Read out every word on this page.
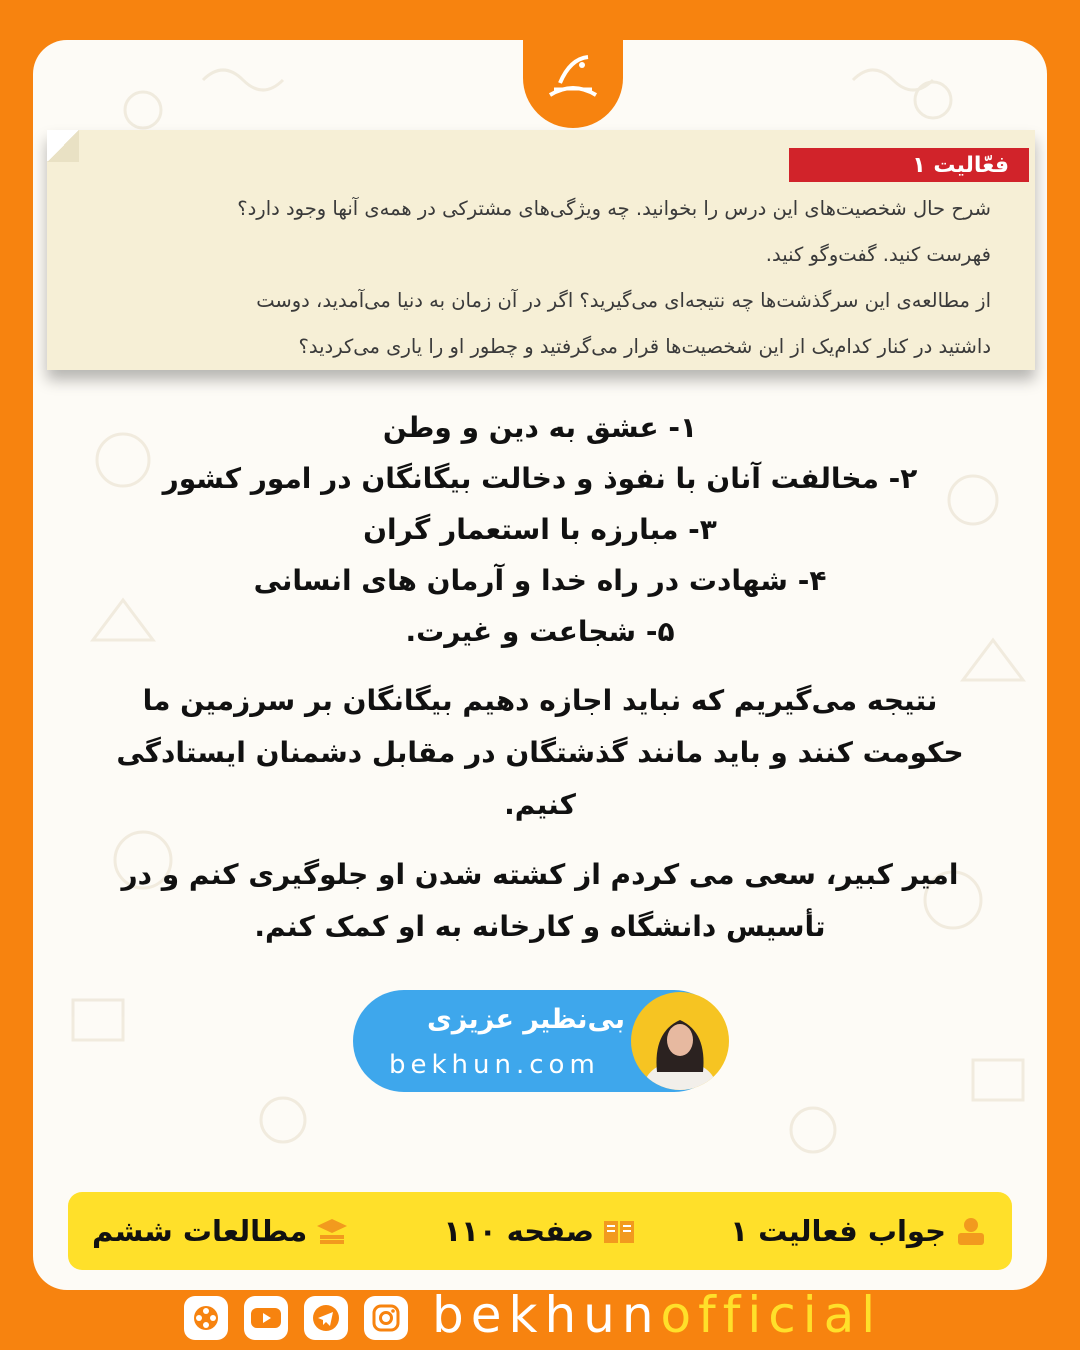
فعّالیت ۱

شرح حال شخصیت‌های این درس را بخوانید. چه ویژگی‌های مشترکی در همه‌ی آنها وجود دارد؟

فهرست کنید. گفت‌وگو کنید.

از مطالعه‌ی این سرگذشت‌ها چه نتیجه‌ای می‌گیرید؟ اگر در آن زمان به دنیا می‌آمدید، دوست

داشتید در کنار کدام‌یک از این شخصیت‌ها قرار می‌گرفتید و چطور او را یاری می‌کردید؟

۱- عشق به دین و وطن

۲- مخالفت آنان با نفوذ و دخالت بیگانگان در امور کشور

۳- مبارزه با استعمار گران

۴- شهادت در راه خدا و آرمان های انسانی

۵- شجاعت و غیرت.

نتیجه می‌گیریم که نباید اجازه دهیم بیگانگان بر سرزمین ما حکومت کنند و باید مانند گذشتگان در مقابل دشمنان ایستادگی کنیم.

امیر کبیر، سعی می کردم از کشته شدن او جلوگیری کنم و در تأسیس دانشگاه و کارخانه به او کمک کنم.

بی‌نظیر عزیزی
bekhun.com
جواب فعالیت ۱
صفحه ۱۱۰
مطالعات ششم
bekhunofficial
